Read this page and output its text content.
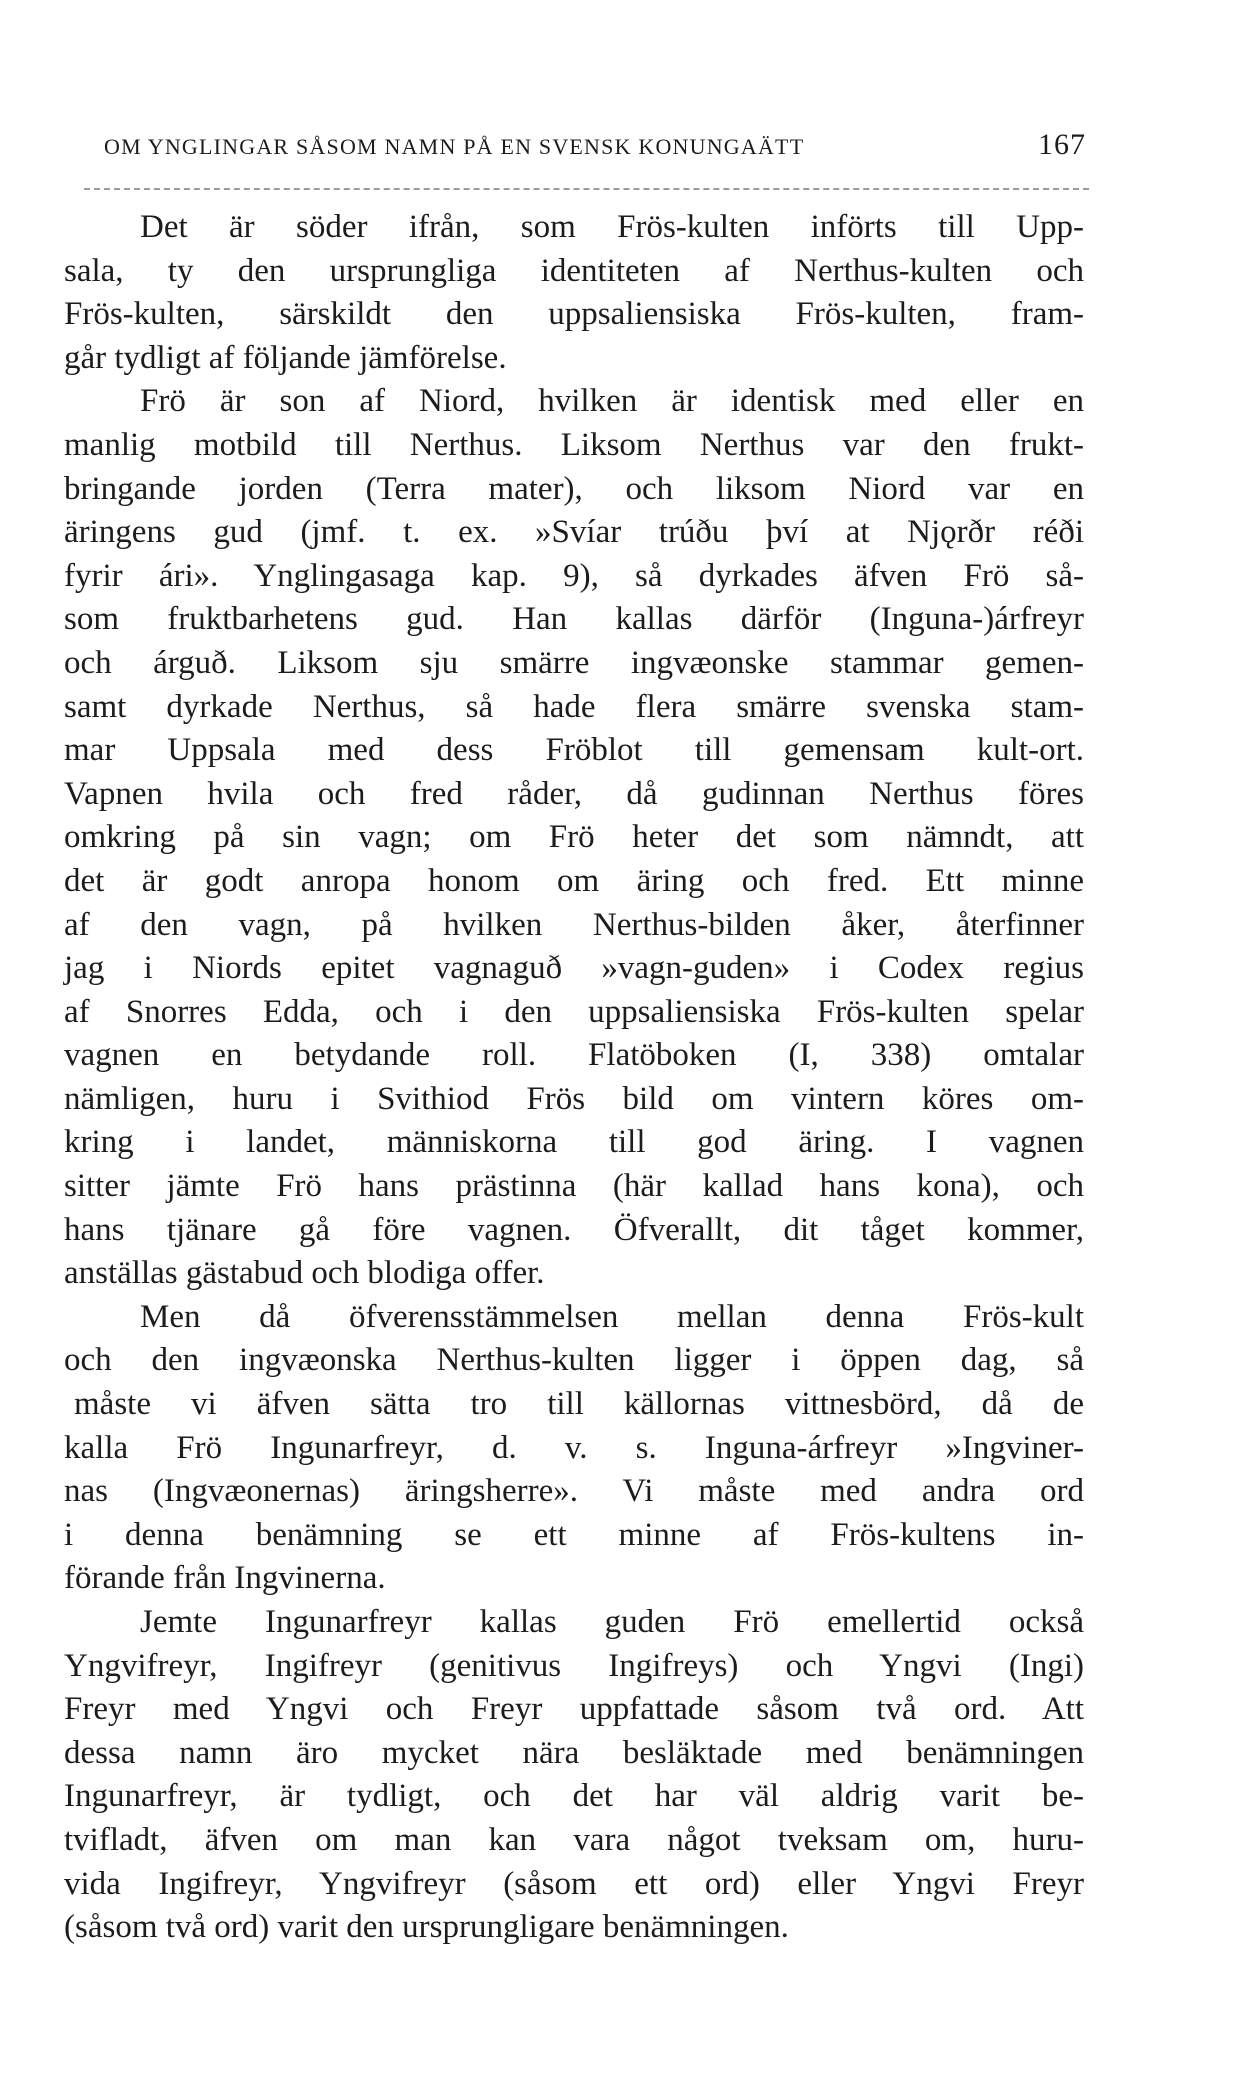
OM YNGLINGAR SÅSOM NAMN PÅ EN SVENSK KONUNGAÄTT	167
Det är söder ifrån, som Frös-kulten införts till Upp-
sala, ty den ursprungliga identiteten af Nerthus-kulten och
Frös-kulten, särskildt den uppsaliensiska Frös-kulten, fram-
går tydligt af följande jämförelse.
Frö är son af Niord, hvilken är identisk med eller en
manlig motbild till Nerthus. Liksom Nerthus var den frukt-
bringande jorden (Terra mater), och liksom Niord var en
äringens gud (jmf. t. ex. »Svíar trúðu því at Njǫrðr réði
fyrir ári». Ynglingasaga kap. 9), så dyrkades äfven Frö så-
som fruktbarhetens gud. Han kallas därför (Inguna-)árfreyr
och árguð. Liksom sju smärre ingvæonske stammar gemen-
samt dyrkade Nerthus, så hade flera smärre svenska stam-
mar Uppsala med dess Fröblot till gemensam kult-ort.
Vapnen hvila och fred råder, då gudinnan Nerthus föres
omkring på sin vagn; om Frö heter det som nämndt, att
det är godt anropa honom om äring och fred. Ett minne
af den vagn, på hvilken Nerthus-bilden åker, återfinner
jag i Niords epitet vagnaguð »vagn-guden» i Codex regius
af Snorres Edda, och i den uppsaliensiska Frös-kulten spelar
vagnen en betydande roll. Flatöboken (I, 338) omtalar
nämligen, huru i Svithiod Frös bild om vintern köres om-
kring i landet, människorna till god äring. I vagnen
sitter jämte Frö hans prästinna (här kallad hans kona), och
hans tjänare gå före vagnen. Öfverallt, dit tåget kommer,
anställas gästabud och blodiga offer.
Men då öfverensstämmelsen mellan denna Frös-kult
och den ingvæonska Nerthus-kulten ligger i öppen dag, så
måste vi äfven sätta tro till källornas vittnesbörd, då de
kalla Frö Ingunarfreyr, d. v. s. Inguna-árfreyr »Ingviner-
nas (Ingvæonernas) äringsherre». Vi måste med andra ord
i denna benämning se ett minne af Frös-kultens in-
förande från Ingvinerna.
Jemte Ingunarfreyr kallas guden Frö emellertid också
Yngvifreyr, Ingifreyr (genitivus Ingifreys) och Yngvi (Ingi)
Freyr med Yngvi och Freyr uppfattade såsom två ord. Att
dessa namn äro mycket nära besläktade med benämningen
Ingunarfreyr, är tydligt, och det har väl aldrig varit be-
tvifladt, äfven om man kan vara något tveksam om, huru-
vida Ingifreyr, Yngvifreyr (såsom ett ord) eller Yngvi Freyr
(såsom två ord) varit den ursprungligare benämningen.
